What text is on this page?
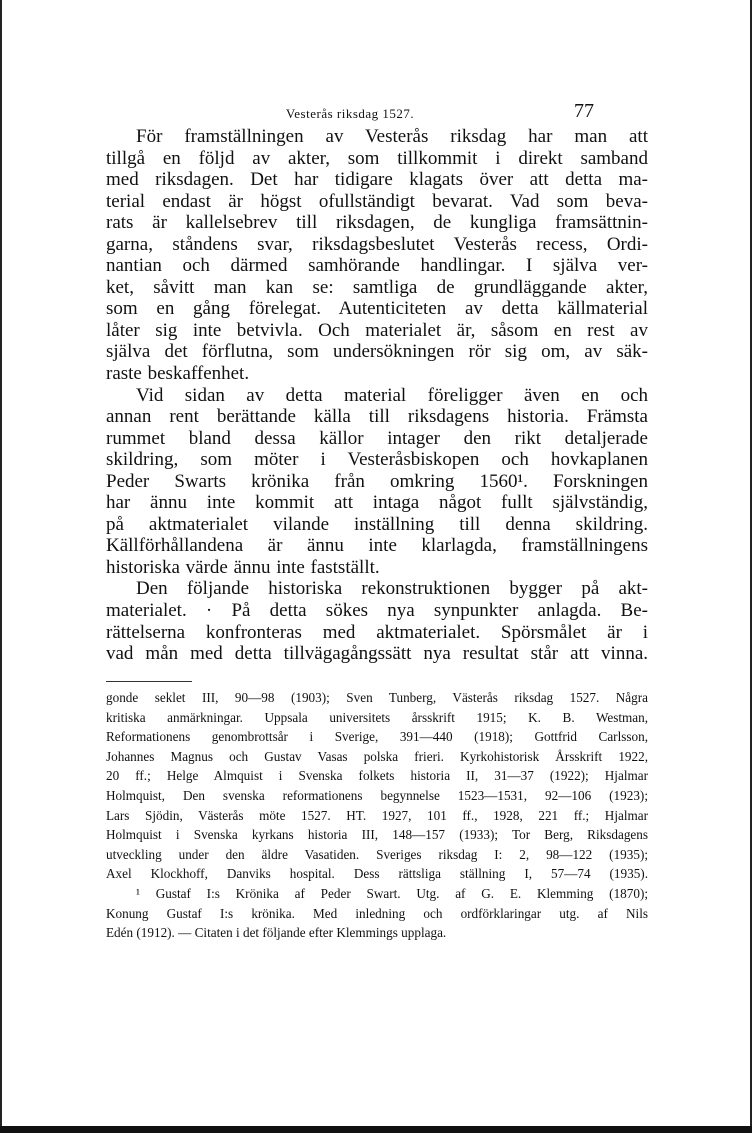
Vesterås riksdag 1527.	77
För framställningen av Vesterås riksdag har man att
tillgå en följd av akter, som tillkommit i direkt samband
med riksdagen. Det har tidigare klagats över att detta ma-
terial endast är högst ofullständigt bevarat. Vad som beva-
rats är kallelsebrev till riksdagen, de kungliga framsättnin-
garna, ståndens svar, riksdagsbeslutet Vesterås recess, Ordi-
nantian och därmed samhörande handlingar. I själva ver-
ket, såvitt man kan se: samtliga de grundläggande akter,
som en gång förelegat. Autenticiteten av detta källmaterial
låter sig inte betvivla. Och materialet är, såsom en rest av
själva det förflutna, som undersökningen rör sig om, av säk-
raste beskaffenhet.
Vid sidan av detta material föreligger även en och
annan rent berättande källa till riksdagens historia. Främsta
rummet bland dessa källor intager den rikt detaljerade
skildring, som möter i Vesteråsbiskopen och hovkaplanen
Peder Swarts krönika från omkring 1560¹. Forskningen
har ännu inte kommit att intaga något fullt självständig,
på aktmaterialet vilande inställning till denna skildring.
Källförhållandena är ännu inte klarlagda, framställningens
historiska värde ännu inte fastställt.
Den följande historiska rekonstruktionen bygger på akt-
materialet. · På detta sökes nya synpunkter anlagda. Be-
rättelserna konfronteras med aktmaterialet. Spörsmålet är i
vad mån med detta tillvägagångssätt nya resultat står att vinna.
gonde seklet III, 90—98 (1903); Sven Tunberg, Västerås riksdag 1527. Några
kritiska anmärkningar. Uppsala universitets årsskrift 1915; K. B. Westman,
Reformationens genombrottsår i Sverige, 391—440 (1918); Gottfrid Carlsson,
Johannes Magnus och Gustav Vasas polska frieri. Kyrkohistorisk Årsskrift 1922,
20 ff.; Helge Almquist i Svenska folkets historia II, 31—37 (1922); Hjalmar
Holmquist, Den svenska reformationens begynnelse 1523—1531, 92—106 (1923);
Lars Sjödin, Västerås möte 1527. HT. 1927, 101 ff., 1928, 221 ff.; Hjalmar
Holmquist i Svenska kyrkans historia III, 148—157 (1933); Tor Berg, Riksdagens
utveckling under den äldre Vasatiden. Sveriges riksdag I: 2, 98—122 (1935);
Axel Klockhoff, Danviks hospital. Dess rättsliga ställning I, 57—74 (1935).
¹ Gustaf I:s Krönika af Peder Swart. Utg. af G. E. Klemming (1870);
Konung Gustaf I:s krönika. Med inledning och ordförklaringar utg. af Nils
Edén (1912). — Citaten i det följande efter Klemmings upplaga.
